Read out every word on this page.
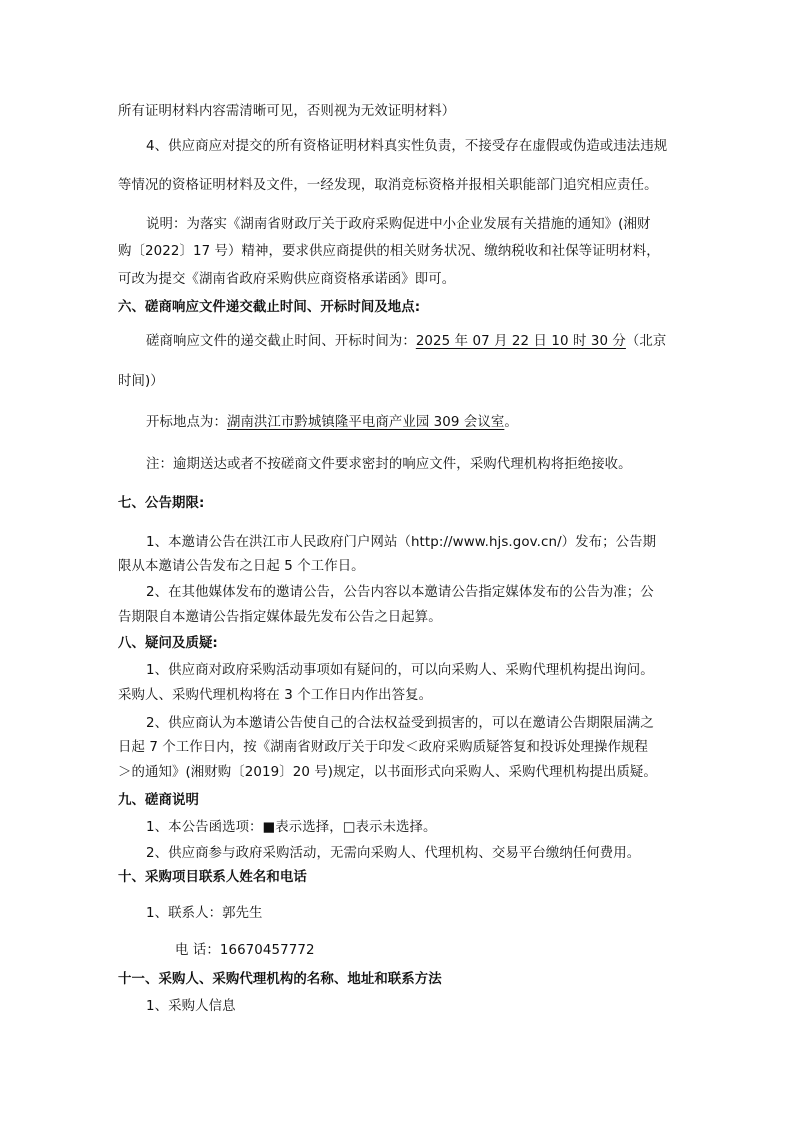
所有证明材料内容需清晰可见，否则视为无效证明材料）
4、供应商应对提交的所有资格证明材料真实性负责，不接受存在虚假或伪造或违法违规
等情况的资格证明材料及文件，一经发现，取消竞标资格并报相关职能部门追究相应责任。
说明：为落实《湖南省财政厅关于政府采购促进中小企业发展有关措施的通知》(湘财
购〔2022〕17 号）精神，要求供应商提供的相关财务状况、缴纳税收和社保等证明材料，
可改为提交《湖南省政府采购供应商资格承诺函》即可。
六、磋商响应文件递交截止时间、开标时间及地点:
磋商响应文件的递交截止时间、开标时间为：2025 年 07 月 22 日 10 时 30 分（北京
时间)）
开标地点为：湖南洪江市黔城镇隆平电商产业园 309 会议室。
注：逾期送达或者不按磋商文件要求密封的响应文件，采购代理机构将拒绝接收。
七、公告期限:
1、本邀请公告在洪江市人民政府门户网站（http://www.hjs.gov.cn/）发布；公告期
限从本邀请公告发布之日起 5 个工作日。
2、在其他媒体发布的邀请公告，公告内容以本邀请公告指定媒体发布的公告为准；公
告期限自本邀请公告指定媒体最先发布公告之日起算。
八、疑问及质疑:
1、供应商对政府采购活动事项如有疑问的，可以向采购人、采购代理机构提出询问。
采购人、采购代理机构将在 3 个工作日内作出答复。
2、供应商认为本邀请公告使自己的合法权益受到损害的，可以在邀请公告期限届满之
日起 7 个工作日内，按《湖南省财政厅关于印发＜政府采购质疑答复和投诉处理操作规程
＞的通知》(湘财购〔2019〕20 号)规定，以书面形式向采购人、采购代理机构提出质疑。
九、磋商说明
1、本公告函选项：■表示选择，□表示未选择。
2、供应商参与政府采购活动，无需向采购人、代理机构、交易平台缴纳任何费用。
十、采购项目联系人姓名和电话
1、联系人：郭先生
电 话：16670457772
十一、采购人、采购代理机构的名称、地址和联系方法
1、采购人信息
